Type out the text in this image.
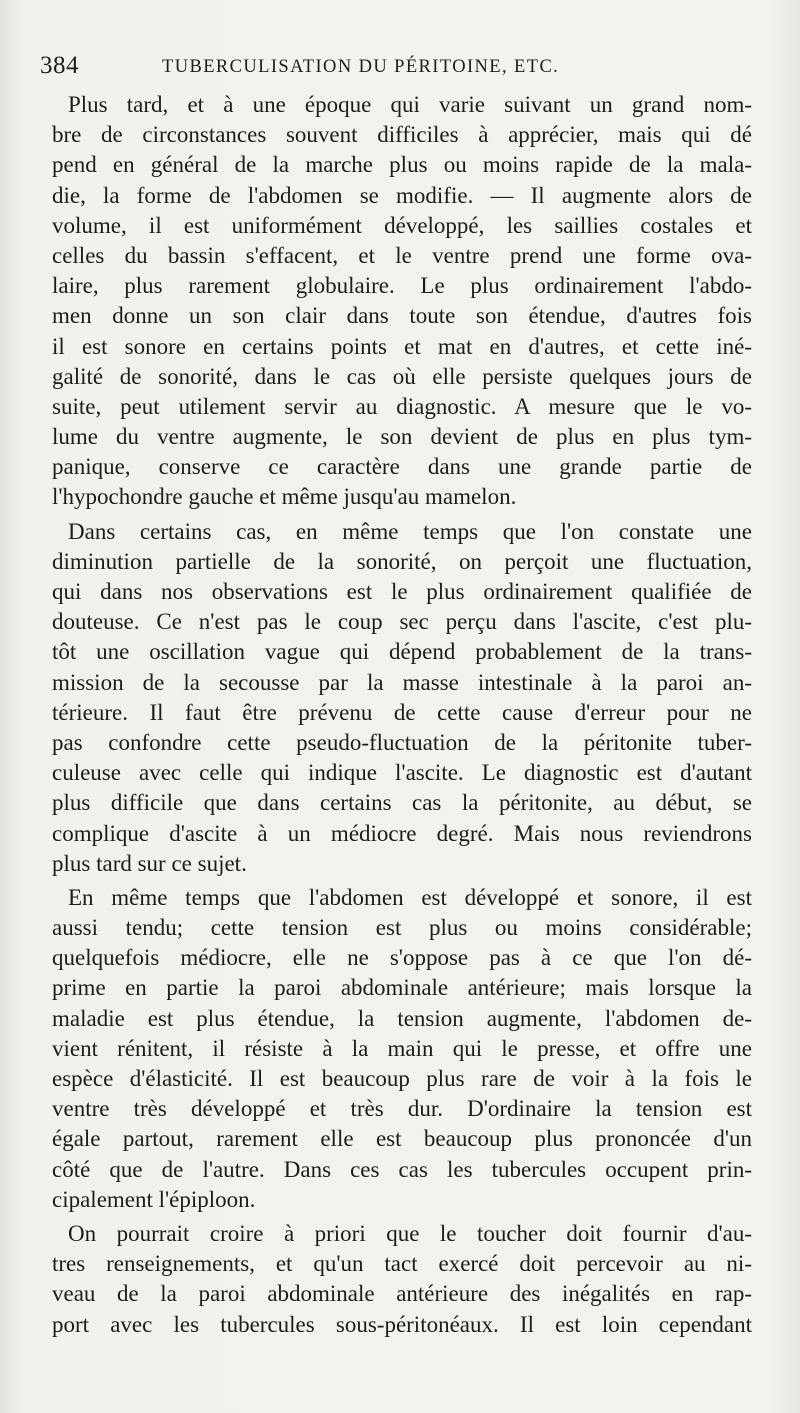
384	TUBERCULISATION DU PÉRITOINE, ETC.
Plus tard, et à une époque qui varie suivant un grand nom-
bre de circonstances souvent difficiles à apprécier, mais qui dé
pend en général de la marche plus ou moins rapide de la mala-
die, la forme de l'abdomen se modifie. — Il augmente alors de
volume, il est uniformément développé, les saillies costales et
celles du bassin s'effacent, et le ventre prend une forme ova-
laire, plus rarement globulaire. Le plus ordinairement l'abdo-
men donne un son clair dans toute son étendue, d'autres fois
il est sonore en certains points et mat en d'autres, et cette iné-
galité de sonorité, dans le cas où elle persiste quelques jours de
suite, peut utilement servir au diagnostic. A mesure que le vo-
lume du ventre augmente, le son devient de plus en plus tym-
panique, conserve ce caractère dans une grande partie de
l'hypochondre gauche et même jusqu'au mamelon.
Dans certains cas, en même temps que l'on constate une
diminution partielle de la sonorité, on perçoit une fluctuation,
qui dans nos observations est le plus ordinairement qualifiée de
douteuse. Ce n'est pas le coup sec perçu dans l'ascite, c'est plu-
tôt une oscillation vague qui dépend probablement de la trans-
mission de la secousse par la masse intestinale à la paroi an-
térieure. Il faut être prévenu de cette cause d'erreur pour ne
pas confondre cette pseudo-fluctuation de la péritonite tuber-
culeuse avec celle qui indique l'ascite. Le diagnostic est d'autant
plus difficile que dans certains cas la péritonite, au début, se
complique d'ascite à un médiocre degré. Mais nous reviendrons
plus tard sur ce sujet.
En même temps que l'abdomen est développé et sonore, il est
aussi tendu; cette tension est plus ou moins considérable;
quelquefois médiocre, elle ne s'oppose pas à ce que l'on dé-
prime en partie la paroi abdominale antérieure; mais lorsque la
maladie est plus étendue, la tension augmente, l'abdomen de-
vient rénitent, il résiste à la main qui le presse, et offre une
espèce d'élasticité. Il est beaucoup plus rare de voir à la fois le
ventre très développé et très dur. D'ordinaire la tension est
égale partout, rarement elle est beaucoup plus prononcée d'un
côté que de l'autre. Dans ces cas les tubercules occupent prin-
cipalement l'épiploon.
On pourrait croire à priori que le toucher doit fournir d'au-
tres renseignements, et qu'un tact exercé doit percevoir au ni-
veau de la paroi abdominale antérieure des inégalités en rap-
port avec les tubercules sous-péritonéaux. Il est loin cependant
